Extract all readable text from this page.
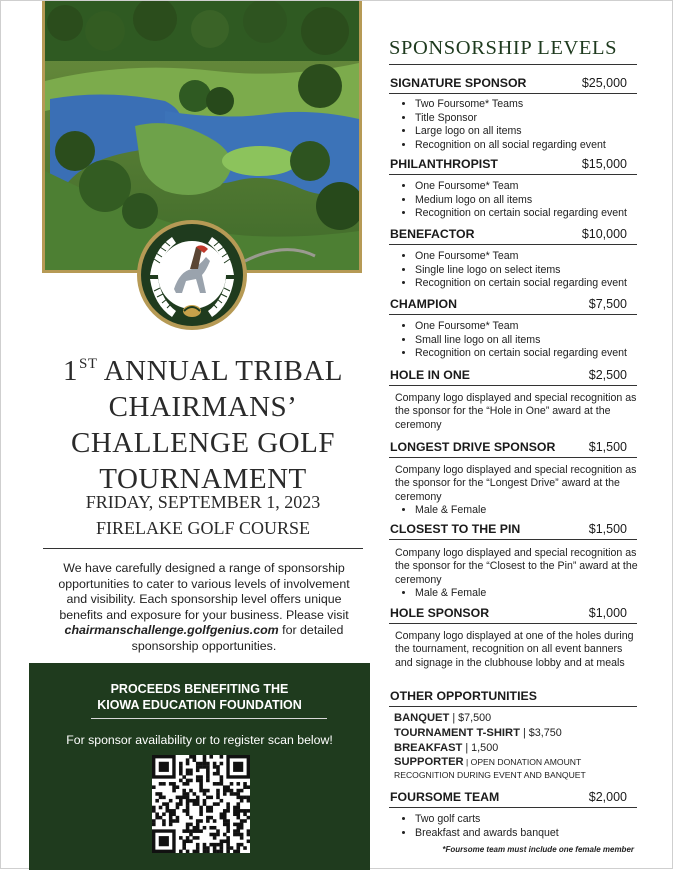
1ST ANNUAL TRIBAL
CHAIRMANS’
CHALLENGE GOLF
TOURNAMENT
FRIDAY, SEPTEMBER 1, 2023
FIRELAKE GOLF COURSE
We have carefully designed a range of sponsorship opportunities to cater to various levels of involvement and visibility. Each sponsorship level offers unique benefits and exposure for your business. Please visit chairmanschallenge.golfgenius.com for detailed sponsorship opportunities.
PROCEEDS BENEFITING THE
KIOWA EDUCATION FOUNDATION
For sponsor availability or to register scan below!
SPONSORSHIP LEVELS
SIGNATURE SPONSOR	$25,000
• Two Foursome* Teams
• Title Sponsor
• Large logo on all items
• Recognition on all social regarding event
PHILANTHROPIST	$15,000
• One Foursome* Team
• Medium logo on all items
• Recognition on certain social regarding event
BENEFACTOR	$10,000
• One Foursome* Team
• Single line logo on select items
• Recognition on certain social regarding event
CHAMPION	$7,500
• One Foursome* Team
• Small line logo on all items
• Recognition on certain social regarding event
HOLE IN ONE	$2,500
Company logo displayed and special recognition as the sponsor for the “Hole in One” award at the ceremony
LONGEST DRIVE SPONSOR	$1,500
Company logo displayed and special recognition as the sponsor for the “Longest Drive” award at the ceremony
• Male & Female
CLOSEST TO THE PIN	$1,500
Company logo displayed and special recognition as the sponsor for the “Closest to the Pin” award at the ceremony
• Male & Female
HOLE SPONSOR	$1,000
Company logo displayed at one of the holes during the tournament, recognition on all event banners and signage in the clubhouse lobby and at meals
OTHER OPPORTUNITIES
BANQUET | $7,500
TOURNAMENT T-SHIRT | $3,750
BREAKFAST | 1,500
SUPPORTER | OPEN DONATION AMOUNT
RECOGNITION DURING EVENT AND BANQUET
FOURSOME TEAM	$2,000
• Two golf carts
• Breakfast and awards banquet
*Foursome team must include one female member
